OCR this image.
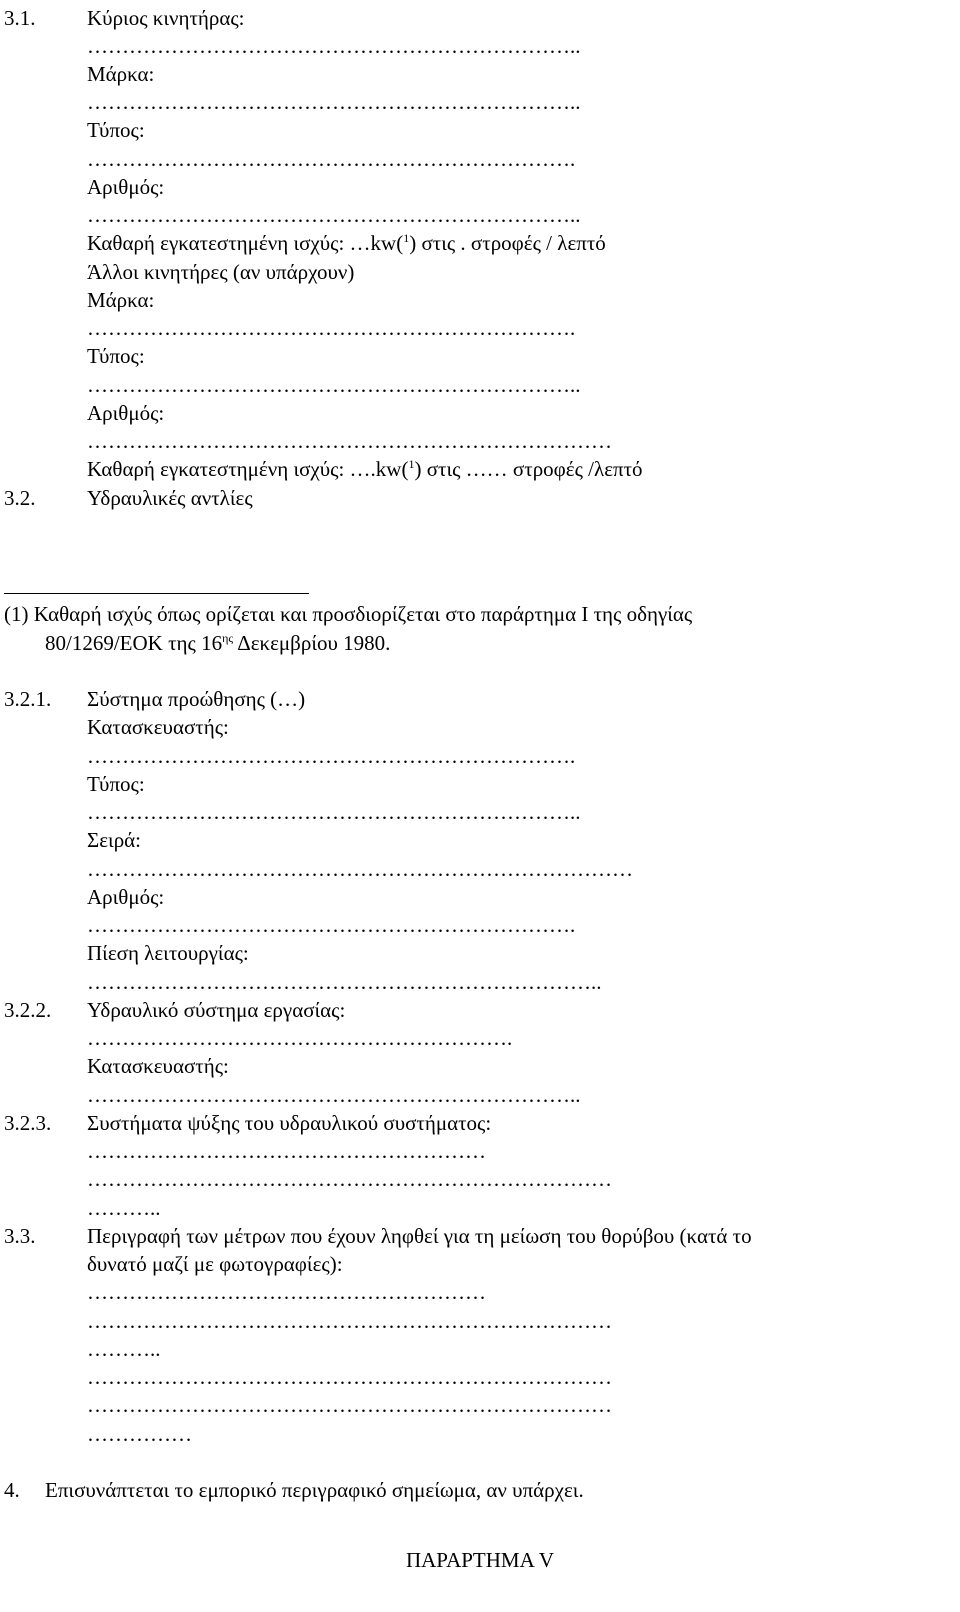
3.1. Κύριος κινητήρας:
……………………………………………………………..
Μάρκα:
……………………………………………………………..
Τύπος:
…………………………………………………………….
Αριθμός:
……………………………………………………………..
Καθαρή εγκατεστημένη ισχύς: …kw($^1$) στις . στροφές / λεπτό
Άλλοι κινητήρες (αν υπάρχουν)
Μάρκα:
…………………………………………………………….
Τύπος:
……………………………………………………………..
Αριθμός:
…………………………………………………………………
Καθαρή εγκατεστημένη ισχύς: ….kw($^1$) στις …… στροφές /λεπτό
3.2. Υδραυλικές αντλίες
(1) Καθαρή ισχύς όπως ορίζεται και προσδιορίζεται στο παράρτημα Ι της οδηγίας
80/1269/ΕΟΚ της $16^{\eta\varsigma}$ Δεκεμβρίου 1980.
3.2.1. Σύστημα προώθησης (…)
Κατασκευαστής:
…………………………………………………………….
Τύπος:
……………………………………………………………..
Σειρά:
……………………………………………………………………
Αριθμός:
…………………………………………………………….
Πίεση λειτουργίας:
………………………………………………………………..
3.2.2. Υδραυλικό σύστημα εργασίας:
…………………………………………………….
Κατασκευαστής:
……………………………………………………………..
3.2.3. Συστήματα ψύξης του υδραυλικού συστήματος:
…………………………………………………
…………………………………………………………………
………..
3.3. Περιγραφή των μέτρων που έχουν ληφθεί για τη μείωση του θορύβου (κατά το
δυνατό μαζί με φωτογραφίες):
…………………………………………………
…………………………………………………………………
………..
…………………………………………………………………
…………………………………………………………………
……………
4. Επισυνάπτεται το εμπορικό περιγραφικό σημείωμα, αν υπάρχει.
ΠΑΡΑΡΤΗΜΑ V
